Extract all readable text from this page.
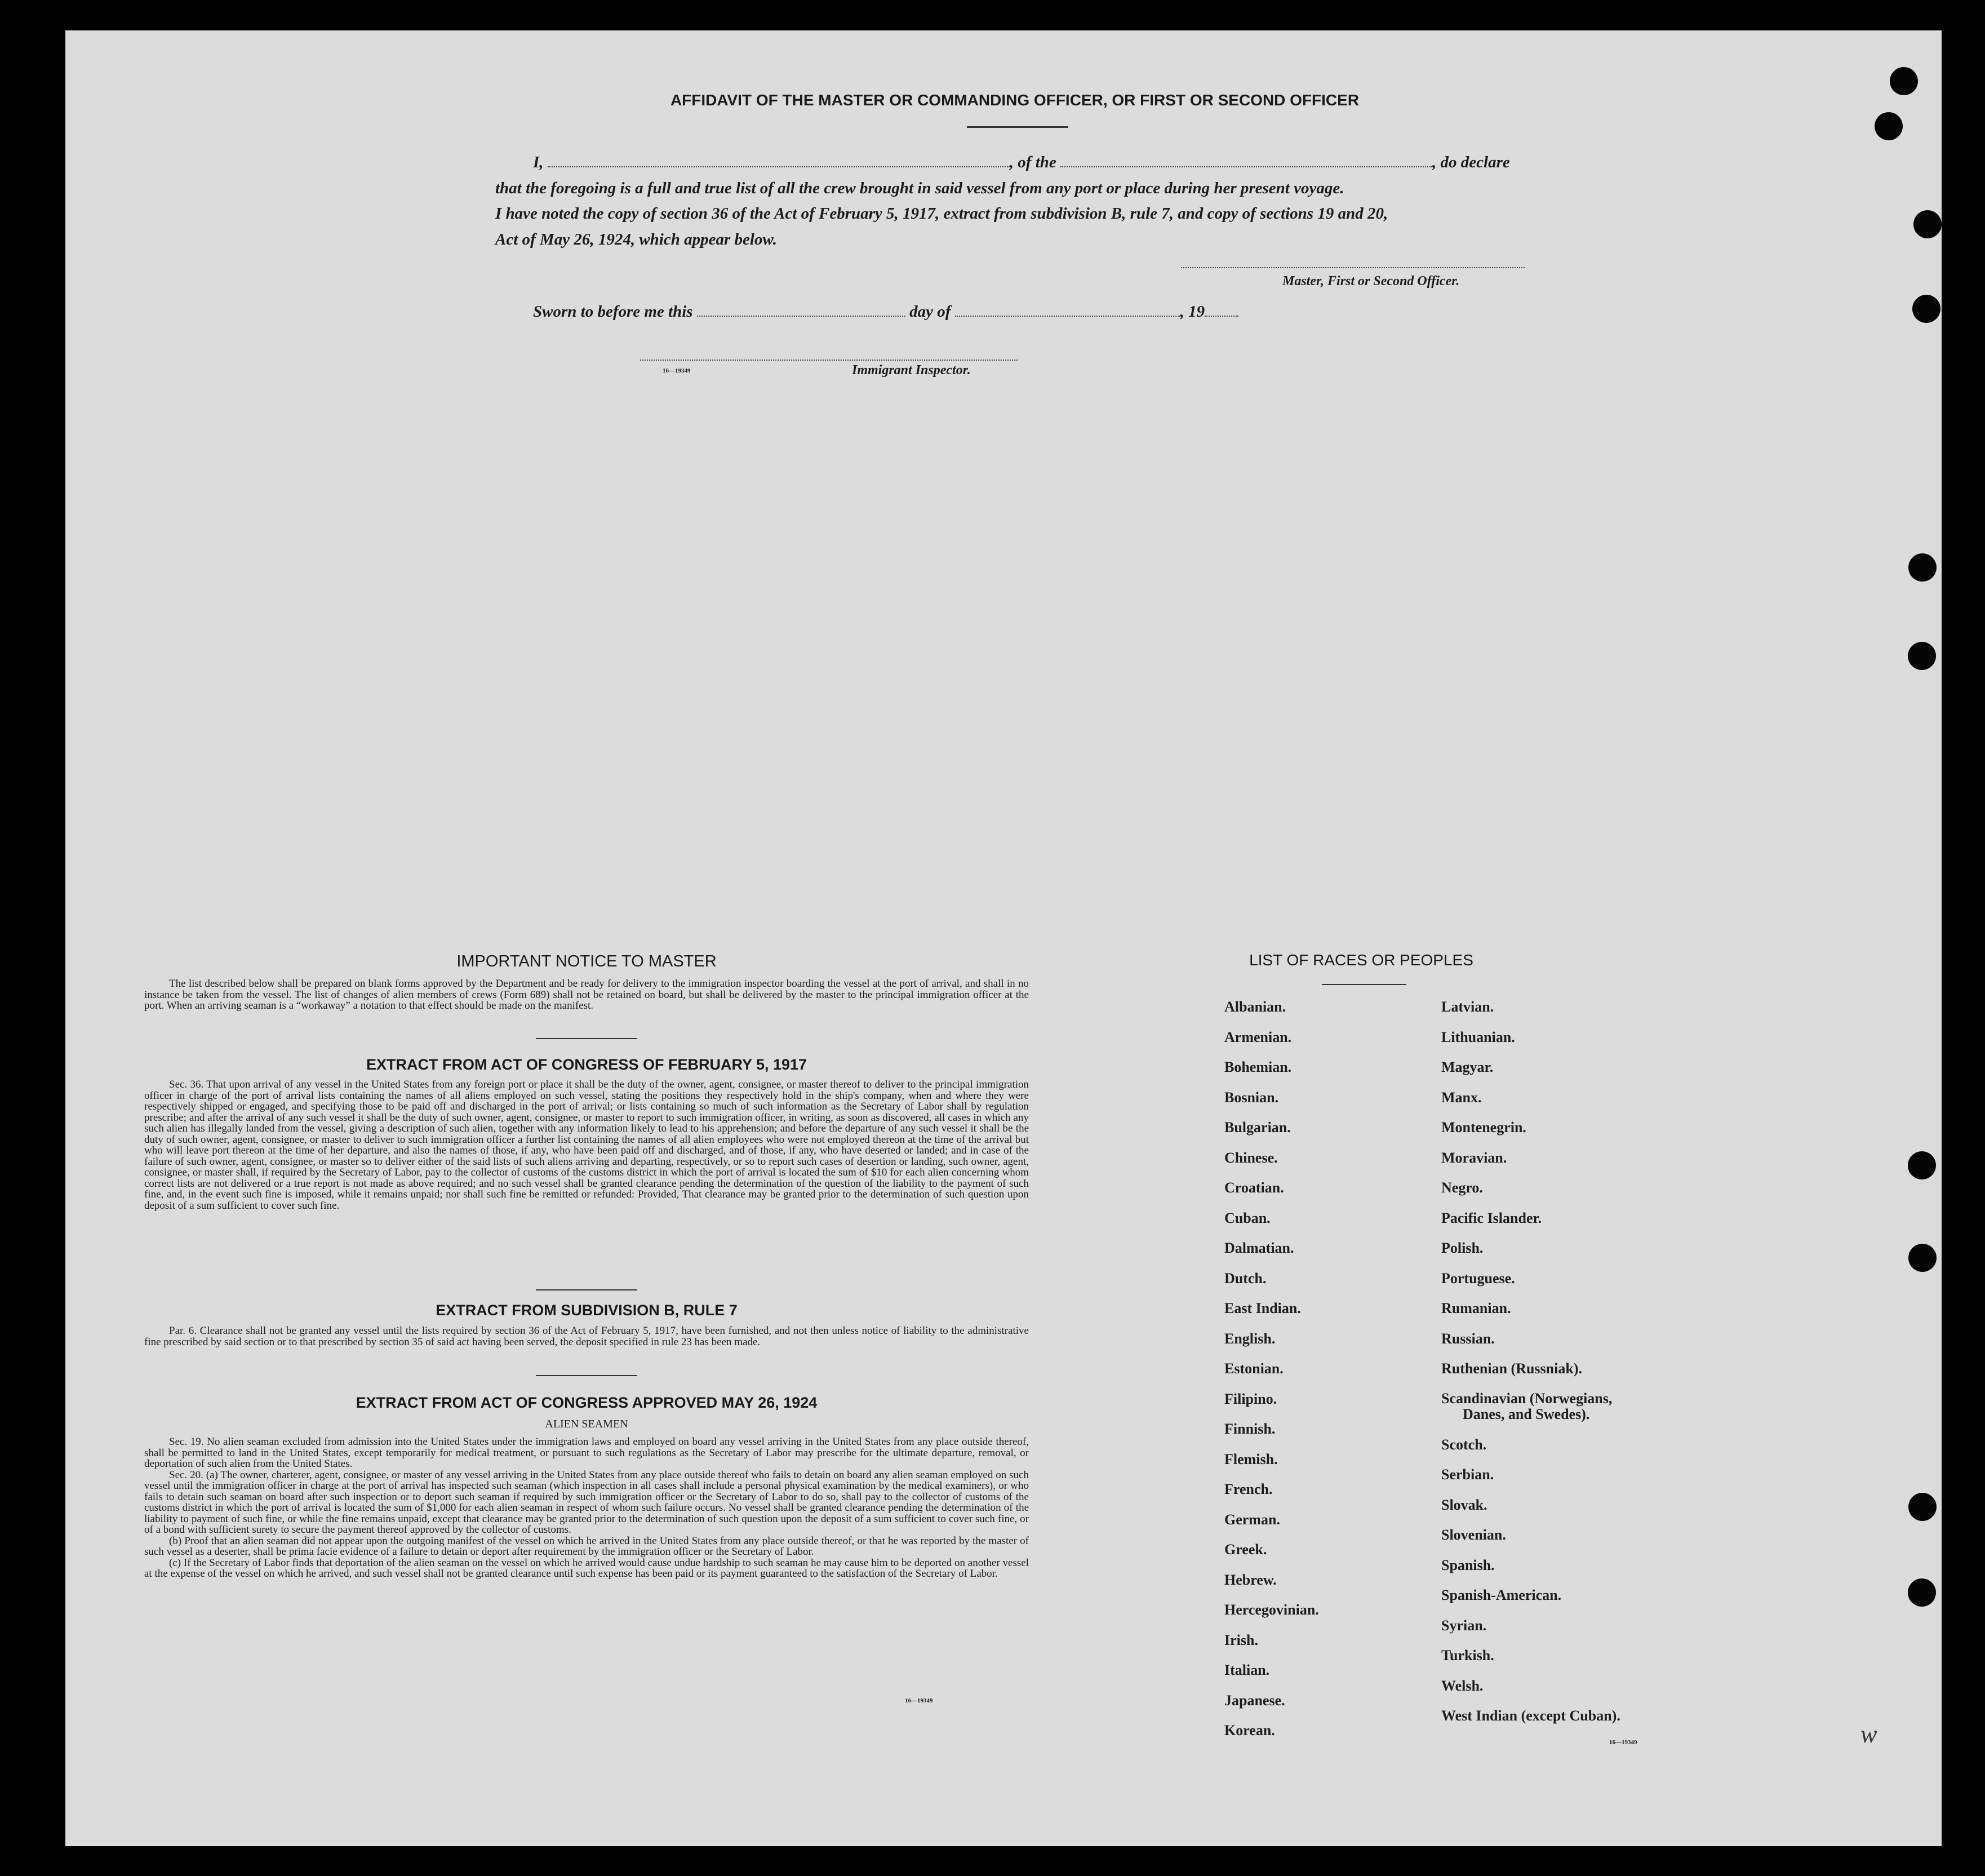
AFFIDAVIT OF THE MASTER OR COMMANDING OFFICER, OR FIRST OR SECOND OFFICER
I,	, of the	, do declare
that the foregoing is a full and true list of all the crew brought in said vessel from any port or place during her present voyage.
I have noted the copy of section 36 of the Act of February 5, 1917, extract from subdivision B, rule 7, and copy of sections 19 and 20,
Act of May 26, 1924, which appear below.
Master, First or Second Officer.
Sworn to before me this	day of	, 19
16—19349	Immigrant Inspector.
IMPORTANT NOTICE TO MASTER

The list described below shall be prepared on blank forms approved by the Department and be ready for delivery to the immigration inspector boarding the vessel at the port of arrival, and shall in no instance be taken from the vessel. The list of changes of alien members of crews (Form 689) shall not be retained on board, but shall be delivered by the master to the principal immigration officer at the port. When an arriving seaman is a “workaway” a notation to that effect should be made on the manifest.

EXTRACT FROM ACT OF CONGRESS OF FEBRUARY 5, 1917

Sec. 36. That upon arrival of any vessel in the United States from any foreign port or place it shall be the duty of the owner, agent, consignee, or master thereof to deliver to the principal immigration officer in charge of the port of arrival lists containing the names of all aliens employed on such vessel, stating the positions they respectively hold in the ship's company, when and where they were respectively shipped or engaged, and specifying those to be paid off and discharged in the port of arrival; or lists containing so much of such information as the Secretary of Labor shall by regulation prescribe; and after the arrival of any such vessel it shall be the duty of such owner, agent, consignee, or master to report to such immigration officer, in writing, as soon as discovered, all cases in which any such alien has illegally landed from the vessel, giving a description of such alien, together with any information likely to lead to his apprehension; and before the departure of any such vessel it shall be the duty of such owner, agent, consignee, or master to deliver to such immigration officer a further list containing the names of all alien employees who were not employed thereon at the time of the arrival but who will leave port thereon at the time of her departure, and also the names of those, if any, who have been paid off and discharged, and of those, if any, who have deserted or landed; and in case of the failure of such owner, agent, consignee, or master so to deliver either of the said lists of such aliens arriving and departing, respectively, or so to report such cases of desertion or landing, such owner, agent, consignee, or master shall, if required by the Secretary of Labor, pay to the collector of customs of the customs district in which the port of arrival is located the sum of $10 for each alien concerning whom correct lists are not delivered or a true report is not made as above required; and no such vessel shall be granted clearance pending the determination of the question of the liability to the payment of such fine, and, in the event such fine is imposed, while it remains unpaid; nor shall such fine be remitted or refunded: Provided, That clearance may be granted prior to the determination of such question upon deposit of a sum sufficient to cover such fine.

EXTRACT FROM SUBDIVISION B, RULE 7

Par. 6. Clearance shall not be granted any vessel until the lists required by section 36 of the Act of February 5, 1917, have been furnished, and not then unless notice of liability to the administrative fine prescribed by said section or to that prescribed by section 35 of said act having been served, the deposit specified in rule 23 has been made.

EXTRACT FROM ACT OF CONGRESS APPROVED MAY 26, 1924
ALIEN SEAMEN

Sec. 19. No alien seaman excluded from admission into the United States under the immigration laws and employed on board any vessel arriving in the United States from any place outside thereof, shall be permitted to land in the United States, except temporarily for medical treatment, or pursuant to such regulations as the Secretary of Labor may prescribe for the ultimate departure, removal, or deportation of such alien from the United States.

Sec. 20. (a) The owner, charterer, agent, consignee, or master of any vessel arriving in the United States from any place outside thereof who fails to detain on board any alien seaman employed on such vessel until the immigration officer in charge at the port of arrival has inspected such seaman (which inspection in all cases shall include a personal physical examination by the medical examiners), or who fails to detain such seaman on board after such inspection or to deport such seaman if required by such immigration officer or the Secretary of Labor to do so, shall pay to the collector of customs of the customs district in which the port of arrival is located the sum of $1,000 for each alien seaman in respect of whom such failure occurs. No vessel shall be granted clearance pending the determination of the liability to payment of such fine, or while the fine remains unpaid, except that clearance may be granted prior to the determination of such question upon the deposit of a sum sufficient to cover such fine, or of a bond with sufficient surety to secure the payment thereof approved by the collector of customs.

(b) Proof that an alien seaman did not appear upon the outgoing manifest of the vessel on which he arrived in the United States from any place outside thereof, or that he was reported by the master of such vessel as a deserter, shall be prima facie evidence of a failure to detain or deport after requirement by the immigration officer or the Secretary of Labor.

(c) If the Secretary of Labor finds that deportation of the alien seaman on the vessel on which he arrived would cause undue hardship to such seaman he may cause him to be deported on another vessel at the expense of the vessel on which he arrived, and such vessel shall not be granted clearance until such expense has been paid or its payment guaranteed to the satisfaction of the Secretary of Labor.

16—19349
LIST OF RACES OR PEOPLES
Albanian.
Armenian.
Bohemian.
Bosnian.
Bulgarian.
Chinese.
Croatian.
Cuban.
Dalmatian.
Dutch.
East Indian.
English.
Estonian.
Filipino.
Finnish.
Flemish.
French.
German.
Greek.
Hebrew.
Hercegovinian.
Irish.
Italian.
Japanese.
Korean.
Latvian.
Lithuanian.
Magyar.
Manx.
Montenegrin.
Moravian.
Negro.
Pacific Islander.
Polish.
Portuguese.
Rumanian.
Russian.
Ruthenian (Russniak).
Scandinavian (Norwegians,
Danes, and Swedes).
Scotch.
Serbian.
Slovak.
Slovenian.
Spanish.
Spanish-American.
Syrian.
Turkish.
Welsh.
West Indian (except Cuban).
16—19349	w
